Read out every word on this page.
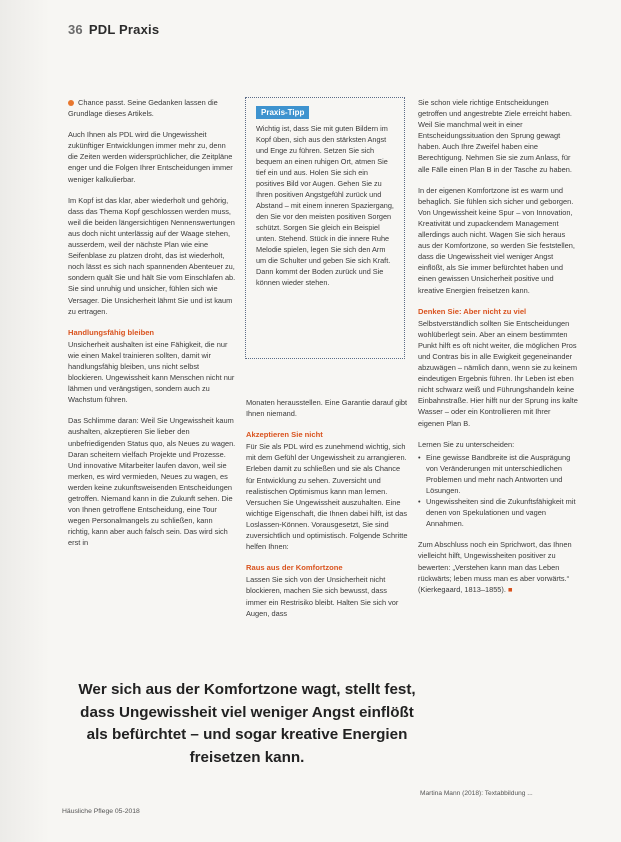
36 PDL Praxis

Chance passt. Seine Gedanken lassen die Grundlage dieses Artikels.

Auch Ihnen als PDL wird die Ungewissheit zukünftiger Entwicklungen immer mehr zu, denn die Zeiten werden widersprüchlicher, die Zeitpläne enger und die Folgen Ihrer Entscheidungen immer weniger kalkulierbar.

Im Kopf ist das klar, aber wiederholt und gehörig, dass das Thema Kopf geschlossen werden muss, weil die beiden längersichtigen Nennenswertungen aus doch nicht unterlässig auf der Waage stehen, ausserdem, weil der nächste Plan wie eine Seifenblase zu platzen droht, das ist wiederholt, noch lässt es sich nach spannenden Abenteuer zu, sondern quält Sie und hält Sie vom Einschlafen ab. Sie sind unruhig und unsicher, fühlen sich wie Versager. Die Unsicherheit lähmt Sie und ist kaum zu ertragen.

Handlungsfähig bleiben

Unsicherheit aushalten ist eine Fähigkeit, die nur wie einen Makel trainieren sollten, damit wir handlungsfähig bleiben, uns nicht selbst blockieren. Ungewissheit kann Menschen nicht nur lähmen und verängstigen, sondern auch zu Wachstum führen.

Das Schlimme daran: Weil Sie Ungewissheit kaum aushalten, akzeptieren Sie lieber den unbefriedigenden Status quo, als Neues zu wagen. Daran scheitern vielfach Projekte und Prozesse. Und innovative Mitarbeiter laufen davon, weil sie merken, es wird vermieden, Neues zu wagen, es werden keine zukunftsweisenden Entscheidungen getroffen. Niemand kann in die Zukunft sehen. Die von Ihnen getroffene Entscheidung, eine Tour wegen Personalmangels zu schließen, kann richtig, kann aber auch falsch sein. Das wird sich erst in

Praxis-Tipp

Wichtig ist, dass Sie mit guten Bildern im Kopf üben, sich aus den stärksten Angst und Enge zu führen. Setzen Sie sich bequem an einen ruhigen Ort, atmen Sie tief ein und aus. Holen Sie sich ein positives Bild vor Augen. Gehen Sie zu Ihren positiven Angstgefühl zurück und Abstand – mit einem inneren Spaziergang, den Sie vor den meisten positiven Sorgen schützt. Sorgen Sie gleich ein Beispiel unten. Stehend. Stück in die innere Ruhe Melodie spielen, legen Sie sich den Arm um die Schulter und geben Sie sich Kraft. Dann kommt der Boden zurück und Sie können wieder stehen.

Monaten herausstellen. Eine Garantie darauf gibt Ihnen niemand.

Akzeptieren Sie nicht

Für Sie als PDL wird es zunehmend wichtig, sich mit dem Gefühl der Ungewissheit zu arrangieren. Erleben damit zu schließen und sie als Chance für Entwicklung zu sehen. Zuversicht und realistischen Optimismus kann man lernen. Versuchen Sie Ungewissheit auszuhalten. Eine wichtige Eigenschaft, die Ihnen dabei hilft, ist das Loslassen-Können. Vorausgesetzt, Sie sind zuversichtlich und optimistisch. Folgende Schritte helfen Ihnen:

Raus aus der Komfortzone

Lassen Sie sich von der Unsicherheit nicht blockieren, machen Sie sich bewusst, dass immer ein Restrisiko bleibt. Halten Sie sich vor Augen, dass

Sie schon viele richtige Entscheidungen getroffen und angestrebte Ziele erreicht haben. Weil Sie manchmal weit in einer Entscheidungssituation den Sprung gewagt haben. Auch Ihre Zweifel haben eine Berechtigung. Nehmen Sie sie zum Anlass, für alle Fälle einen Plan B in der Tasche zu haben.

In der eigenen Komfortzone ist es warm und behaglich. Sie fühlen sich sicher und geborgen. Von Ungewissheit keine Spur – von Innovation, Kreativität und zupackendem Management allerdings auch nicht. Wagen Sie sich heraus aus der Komfortzone, so werden Sie feststellen, dass die Ungewissheit viel weniger Angst einflößt, als Sie immer befürchtet haben und einen gewissen Unsicherheit positive und kreative Energien freisetzen kann.

Denken Sie: Aber nicht zu viel

Selbstverständlich sollten Sie Entscheidungen wohlüberlegt sein. Aber an einem bestimmten Punkt hilft es oft nicht weiter, die möglichen Pros und Contras bis in alle Ewigkeit gegeneinander abzuwägen – nämlich dann, wenn sie zu keinem eindeutigen Ergebnis führen. Ihr Leben ist eben nicht schwarz weiß und Führungshandeln keine Einbahnstraße. Hier hilft nur der Sprung ins kalte Wasser – oder ein Kontrollieren mit Ihrer eigenen Plan B.

Lernen Sie zu unterscheiden:

• Eine gewisse Bandbreite ist die Ausprägung von Veränderungen mit unterschiedlichen Problemen und mehr nach Antworten und Lösungen.
• Ungewissheiten sind die Zukunftsfähigkeit mit denen von Spekulationen und vagen Annahmen.

Zum Abschluss noch ein Sprichwort, das Ihnen vielleicht hilft, Ungewissheiten positiver zu bewerten: „Verstehen kann man das Leben rückwärts; leben muss man es aber vorwärts.“ (Kierkegaard, 1813–1855). ■

Martina Mann (2018): Textabbildung ...
Wer sich aus der Komfortzone wagt, stellt fest, dass Ungewissheit viel weniger Angst einflößt als befürchtet – und sogar kreative Energien freisetzen kann.
Häusliche Pflege 05-2018
